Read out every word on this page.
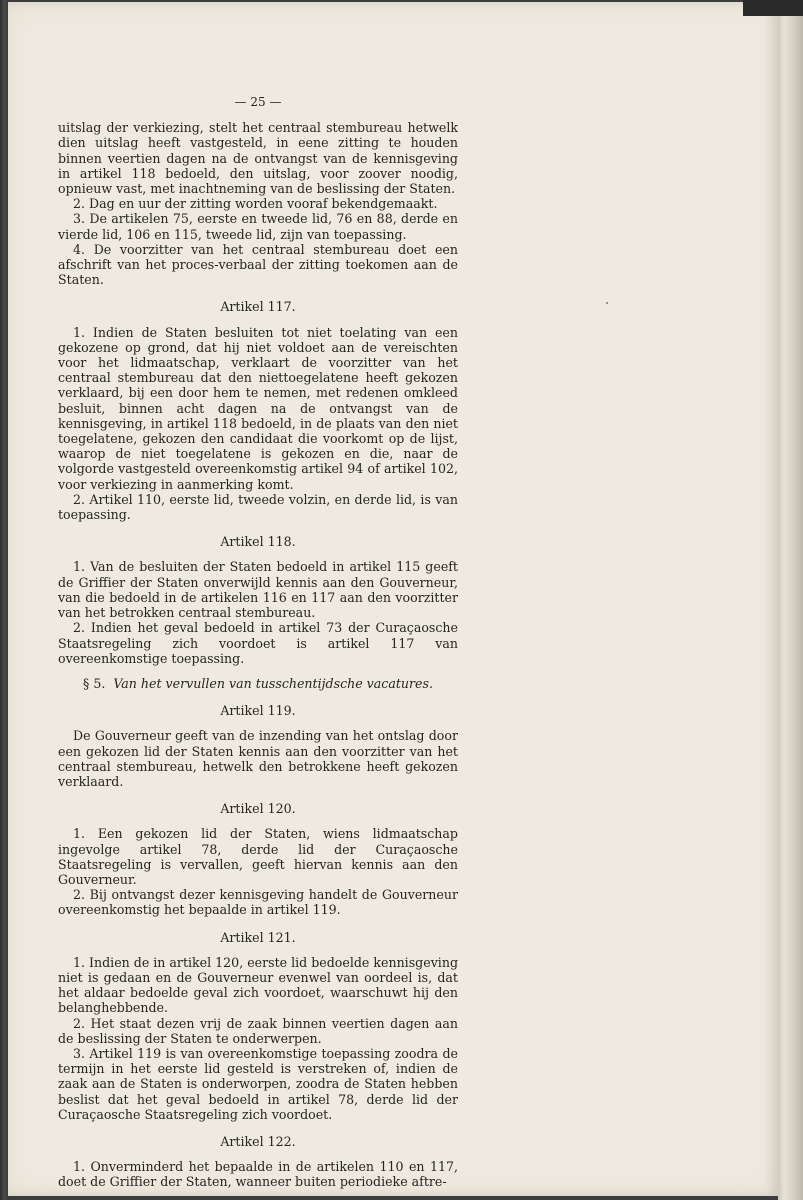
— 25 —

uitslag der verkiezing, stelt het centraal stembureau hetwelk dien uitslag heeft vastgesteld, in eene zitting te houden binnen veertien dagen na de ontvangst van de kennisgeving in artikel 118 bedoeld, den uitslag, voor zoover noodig, opnieuw vast, met inachtneming van de beslissing der Staten.

2. Dag en uur der zitting worden vooraf bekendgemaakt.

3. De artikelen 75, eerste en tweede lid, 76 en 88, derde en vierde lid, 106 en 115, tweede lid, zijn van toepassing.

4. De voorzitter van het centraal stembureau doet een afschrift van het proces-verbaal der zitting toekomen aan de Staten.

Artikel 117.

1. Indien de Staten besluiten tot niet toelating van een gekozene op grond, dat hij niet voldoet aan de vereischten voor het lidmaatschap, verklaart de voorzitter van het centraal stembureau dat den niettoegelatene heeft gekozen verklaard, bij een door hem te nemen, met redenen omkleed besluit, binnen acht dagen na de ontvangst van de kennisgeving, in artikel 118 bedoeld, in de plaats van den niet toegelatene, gekozen den candidaat die voorkomt op de lijst, waarop de niet toegelatene is gekozen en die, naar de volgorde vastgesteld overeenkomstig artikel 94 of artikel 102, voor verkiezing in aanmerking komt.

2. Artikel 110, eerste lid, tweede volzin, en derde lid, is van toepassing.

Artikel 118.

1. Van de besluiten der Staten bedoeld in artikel 115 geeft de Griffier der Staten onverwijld kennis aan den Gouverneur, van die bedoeld in de artikelen 116 en 117 aan den voorzitter van het betrokken centraal stembureau.

2. Indien het geval bedoeld in artikel 73 der Curaçaosche Staatsregeling zich voordoet is artikel 117 van overeenkomstige toepassing.

§ 5. Van het vervullen van tusschentijdsche vacatures.
Artikel 119.

De Gouverneur geeft van de inzending van het ontslag door een gekozen lid der Staten kennis aan den voorzitter van het centraal stembureau, hetwelk den betrokkene heeft gekozen verklaard.

Artikel 120.

1. Een gekozen lid der Staten, wiens lidmaatschap ingevolge artikel 78, derde lid der Curaçaosche Staatsregeling is vervallen, geeft hiervan kennis aan den Gouverneur.

2. Bij ontvangst dezer kennisgeving handelt de Gouverneur overeenkomstig het bepaalde in artikel 119.

Artikel 121.

1. Indien de in artikel 120, eerste lid bedoelde kennisgeving niet is gedaan en de Gouverneur evenwel van oordeel is, dat het aldaar bedoelde geval zich voordoet, waarschuwt hij den belanghebbende.

2. Het staat dezen vrij de zaak binnen veertien dagen aan de beslissing der Staten te onderwerpen.

3. Artikel 119 is van overeenkomstige toepassing zoodra de termijn in het eerste lid gesteld is verstreken of, indien de zaak aan de Staten is onderworpen, zoodra de Staten hebben beslist dat het geval bedoeld in artikel 78, derde lid der Curaçaosche Staatsregeling zich voordoet.

Artikel 122.

1. Onverminderd het bepaalde in de artikelen 110 en 117, doet de Griffier der Staten, wanneer buiten periodieke aftre-
